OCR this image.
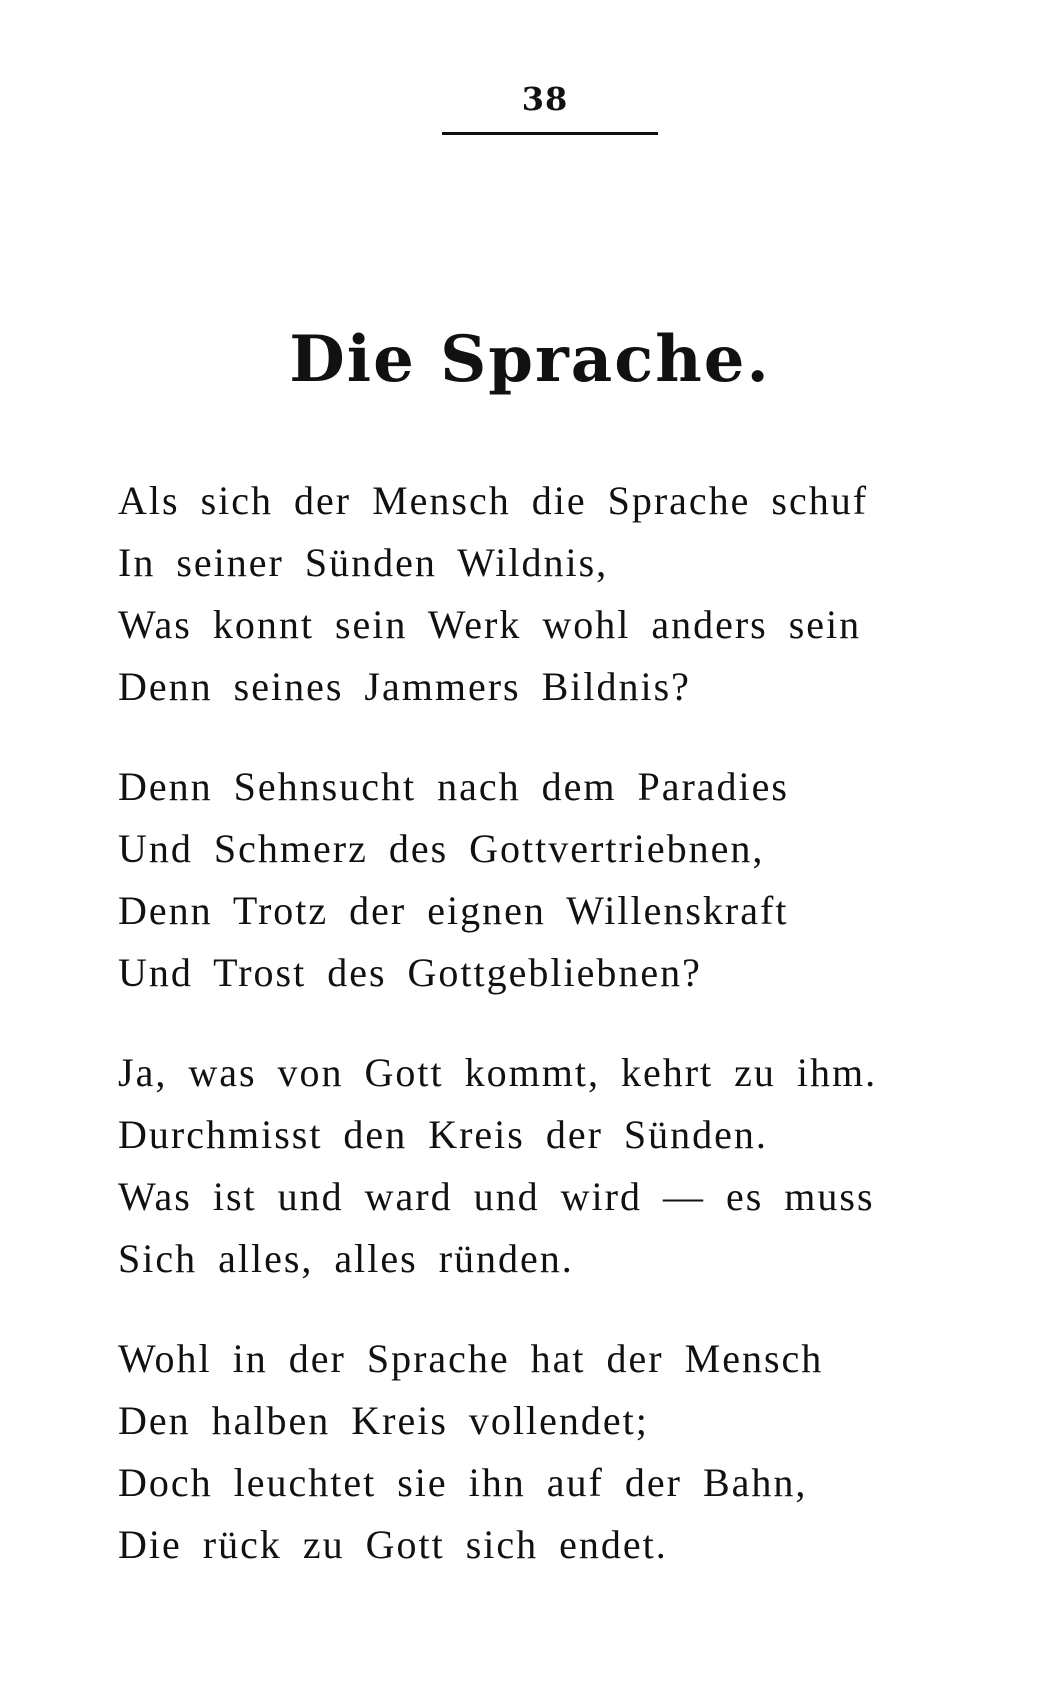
38
Die Sprache.
Als sich der Mensch die Sprache schuf
In seiner Sünden Wildnis,
Was konnt sein Werk wohl anders sein
Denn seines Jammers Bildnis?
Denn Sehnsucht nach dem Paradies
Und Schmerz des Gottvertriebnen,
Denn Trotz der eignen Willenskraft
Und Trost des Gottgebliebnen?
Ja, was von Gott kommt, kehrt zu ihm.
Durchmisst den Kreis der Sünden.
Was ist und ward und wird — es muss
Sich alles, alles ründen.
Wohl in der Sprache hat der Mensch
Den halben Kreis vollendet;
Doch leuchtet sie ihn auf der Bahn,
Die rück zu Gott sich endet.
